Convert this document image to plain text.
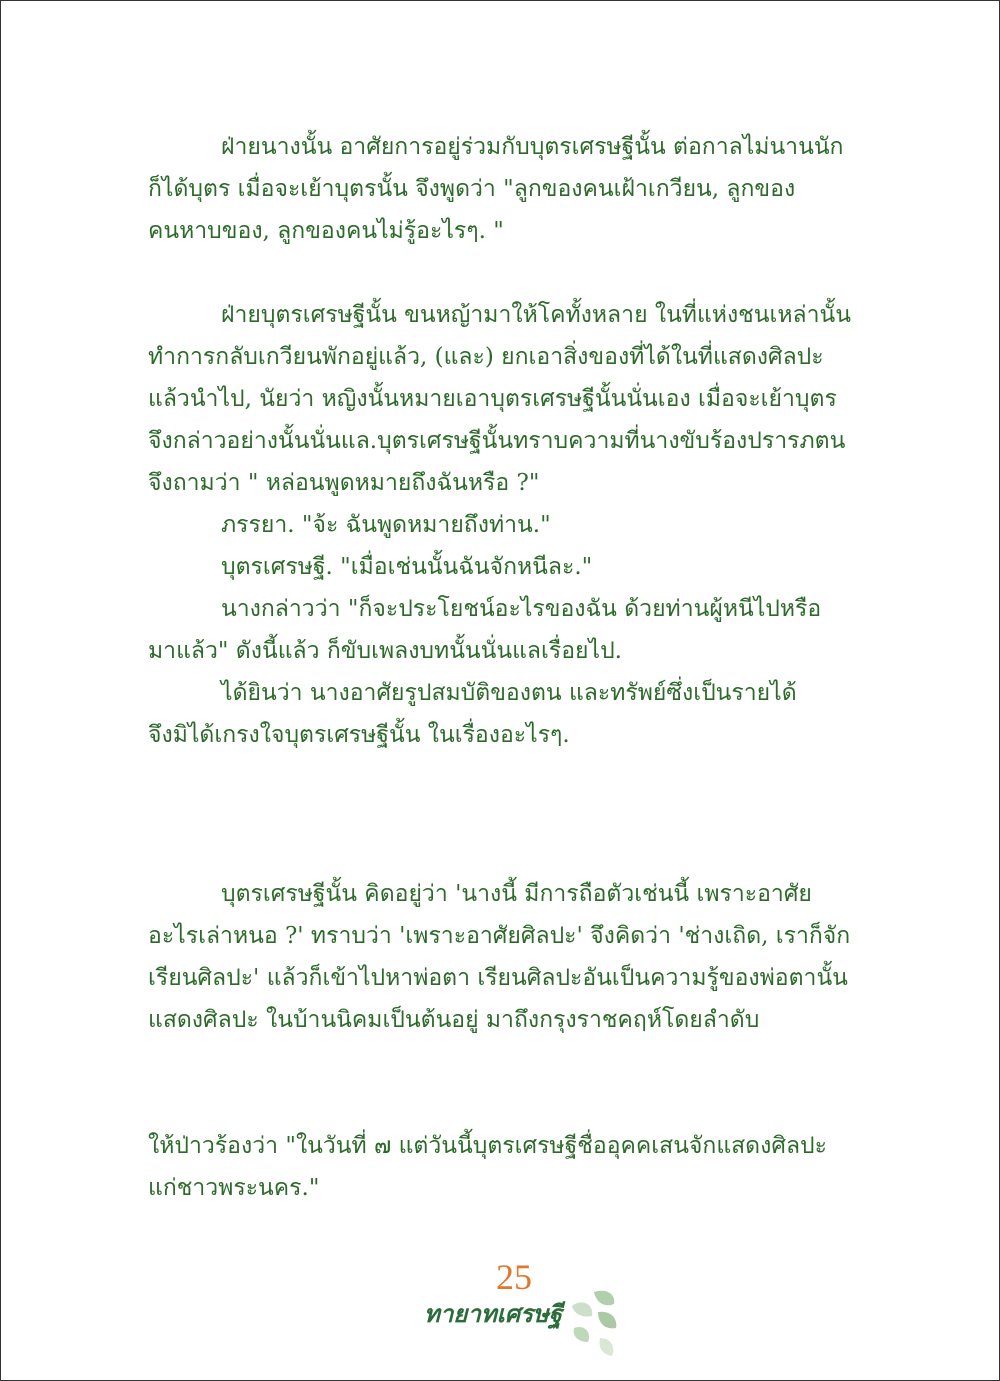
ฝ่ายนางนั้น อาศัยการอยู่ร่วมกับบุตรเศรษฐีนั้น ต่อกาลไม่นานนัก

ก็ได้บุตร เมื่อจะเย้าบุตรนั้น จึงพูดว่า "ลูกของคนเฝ้าเกวียน, ลูกของ

คนหาบของ, ลูกของคนไม่รู้อะไรๆ. "

ฝ่ายบุตรเศรษฐีนั้น ขนหญ้ามาให้โคทั้งหลาย ในที่แห่งชนเหล่านั้น

ทำการกลับเกวียนพักอยู่แล้ว, (และ) ยกเอาสิ่งของที่ได้ในที่แสดงศิลปะ

แล้วนำไป, นัยว่า หญิงนั้นหมายเอาบุตรเศรษฐีนั้นนั่นเอง เมื่อจะเย้าบุตร

จึงกล่าวอย่างนั้นนั่นแล.บุตรเศรษฐีนั้นทราบความที่นางขับร้องปรารภตน

จึงถามว่า " หล่อนพูดหมายถึงฉันหรือ ?"

ภรรยา. "จ้ะ ฉันพูดหมายถึงท่าน."

บุตรเศรษฐี. "เมื่อเช่นนั้นฉันจักหนีละ."

นางกล่าวว่า "ก็จะประโยชน์อะไรของฉัน ด้วยท่านผู้หนีไปหรือ

มาแล้ว" ดังนี้แล้ว ก็ขับเพลงบทนั้นนั่นแลเรื่อยไป.

ได้ยินว่า นางอาศัยรูปสมบัติของตน และทรัพย์ซึ่งเป็นรายได้

จึงมิได้เกรงใจบุตรเศรษฐีนั้น ในเรื่องอะไรๆ.

บุตรเศรษฐีนั้น คิดอยู่ว่า 'นางนี้ มีการถือตัวเช่นนี้ เพราะอาศัย

อะไรเล่าหนอ ?' ทราบว่า 'เพราะอาศัยศิลปะ' จึงคิดว่า 'ช่างเถิด, เราก็จัก

เรียนศิลปะ' แล้วก็เข้าไปหาพ่อตา เรียนศิลปะอันเป็นความรู้ของพ่อตานั้น

แสดงศิลปะ ในบ้านนิคมเป็นต้นอยู่ มาถึงกรุงราชคฤห์โดยลำดับ

ให้ป่าวร้องว่า "ในวันที่ ๗ แต่วันนี้บุตรเศรษฐีชื่ออุคคเสนจักแสดงศิลปะ

แก่ชาวพระนคร."

25
ทายาทเศรษฐี
